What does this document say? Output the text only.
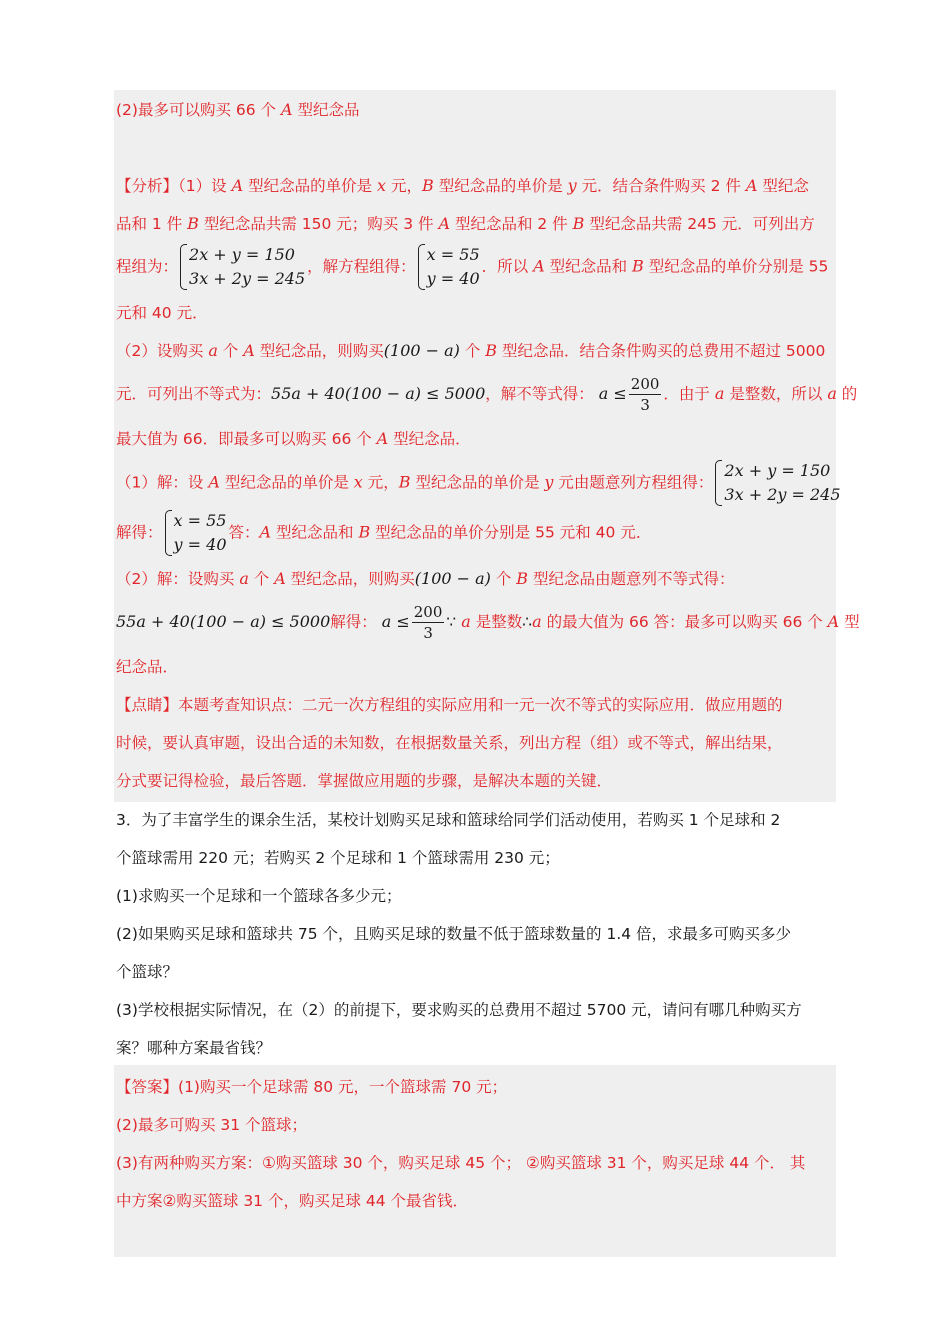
(2)最多可以购买 66 个 A 型纪念品
【分析】（1）设 A 型纪念品的单价是 x 元，B 型纪念品的单价是 y 元．结合条件购买 2 件 A 型纪念
品和 1 件 B 型纪念品共需 150 元；购买 3 件 A 型纪念品和 2 件 B 型纪念品共需 245 元．可列出方
程组为：
2x + y = 150
3x + 2y = 245
，解方程组得：
x = 55
y = 40
．所以 A 型纪念品和 B 型纪念品的单价分别是 55
元和 40 元．
（2）设购买 a 个 A 型纪念品，则购买(100 − a) 个 B 型纪念品．结合条件购买的总费用不超过 5000
元．可列出不等式为：55a + 40(100 − a) ≤ 5000，解不等式得： $a \le \frac{200}{3}$ ．由于 a 是整数，所以 a 的
最大值为 66．即最多可以购买 66 个 A 型纪念品．
（1）解：设 A 型纪念品的单价是 x 元，B 型纪念品的单价是 y 元由题意列方程组得：
2x + y = 150
3x + 2y = 245
解得：
x = 55
y = 40
答：A 型纪念品和 B 型纪念品的单价分别是 55 元和 40 元．
（2）解：设购买 a 个 A 型纪念品，则购买(100 − a) 个 B 型纪念品由题意列不等式得：
55a + 40(100 − a) ≤ 5000解得： $a \le \frac{200}{3}$ ∵ a 是整数∴a 的最大值为 66 答：最多可以购买 66 个 A 型
纪念品．
【点睛】本题考查知识点：二元一次方程组的实际应用和一元一次不等式的实际应用．做应用题的
时候，要认真审题，设出合适的未知数，在根据数量关系，列出方程（组）或不等式，解出结果，
分式要记得检验，最后答题．掌握做应用题的步骤，是解决本题的关键．
3．为了丰富学生的课余生活，某校计划购买足球和篮球给同学们活动使用，若购买 1 个足球和 2
个篮球需用 220 元；若购买 2 个足球和 1 个篮球需用 230 元；
(1)求购买一个足球和一个篮球各多少元；
(2)如果购买足球和篮球共 75 个，且购买足球的数量不低于篮球数量的 1.4 倍，求最多可购买多少
个篮球？
(3)学校根据实际情况，在（2）的前提下，要求购买的总费用不超过 5700 元，请问有哪几种购买方
案？哪种方案最省钱？
【答案】(1)购买一个足球需 80 元，一个篮球需 70 元；
(2)最多可购买 31 个篮球；
(3)有两种购买方案：①购买篮球 30 个，购买足球 45 个； ②购买篮球 31 个，购买足球 44 个． 其
中方案②购买篮球 31 个，购买足球 44 个最省钱．
